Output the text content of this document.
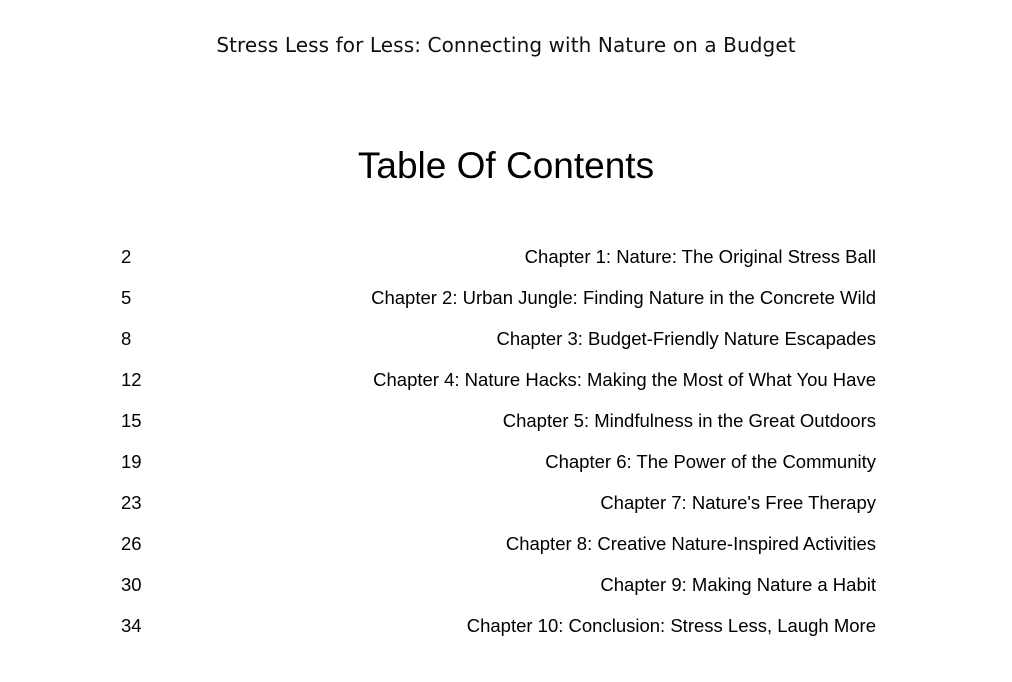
Stress Less for Less: Connecting with Nature on a Budget
Table Of Contents
2	Chapter 1: Nature: The Original Stress Ball
5	Chapter 2: Urban Jungle: Finding Nature in the Concrete Wild
8	Chapter 3: Budget-Friendly Nature Escapades
12	Chapter 4: Nature Hacks: Making the Most of What You Have
15	Chapter 5: Mindfulness in the Great Outdoors
19	Chapter 6: The Power of the Community
23	Chapter 7: Nature's Free Therapy
26	Chapter 8: Creative Nature-Inspired Activities
30	Chapter 9: Making Nature a Habit
34	Chapter 10: Conclusion: Stress Less, Laugh More
